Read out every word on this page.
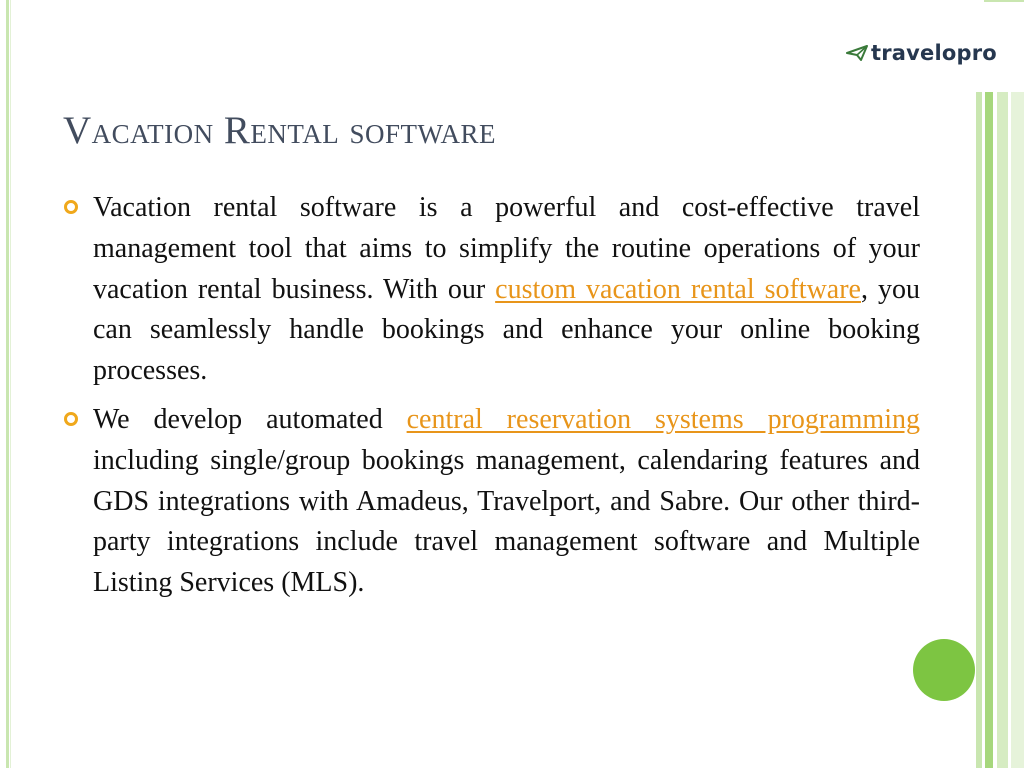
travelopro
Vacation Rental software
Vacation rental software is a powerful and cost-effective travel management tool that aims to simplify the routine operations of your vacation rental business. With our custom vacation rental software, you can seamlessly handle bookings and enhance your online booking processes.
We develop automated central reservation systems programming including single/group bookings management, calendaring features and GDS integrations with Amadeus, Travelport, and Sabre. Our other third-party integrations include travel management software and Multiple Listing Services (MLS).
